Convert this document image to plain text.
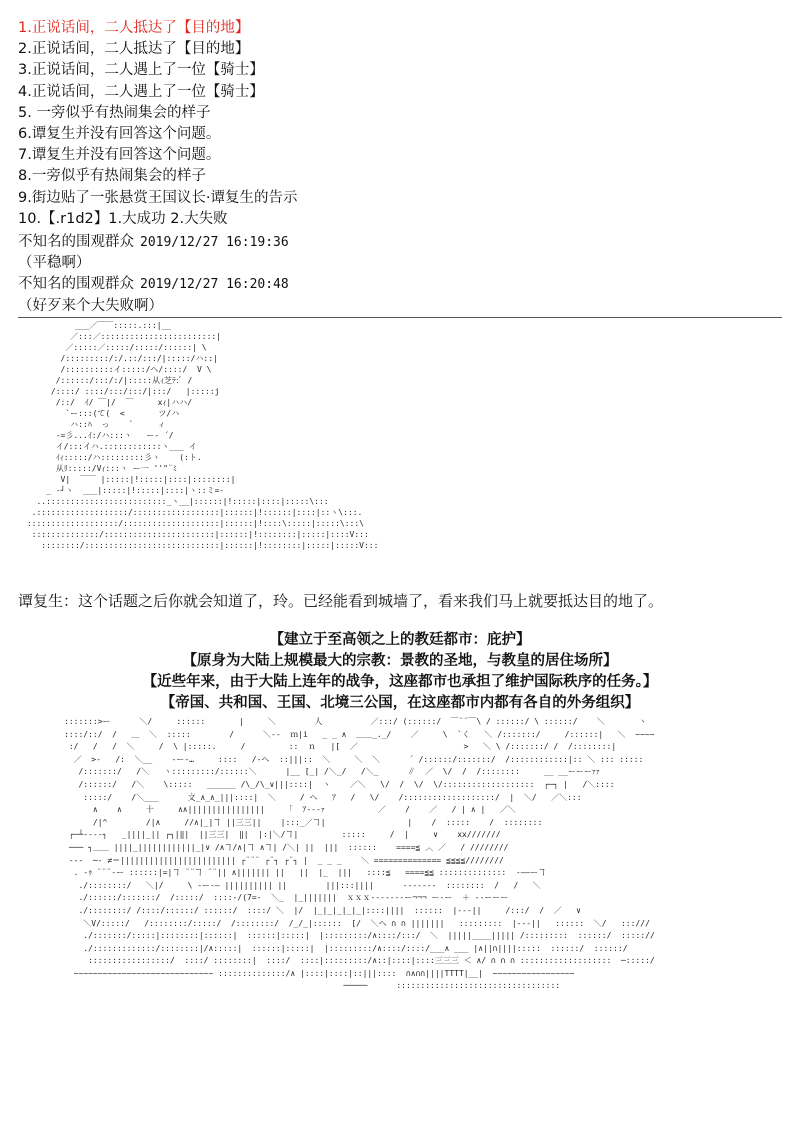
1.正说话间，二人抵达了【目的地】
2.正说话间，二人抵达了【目的地】
3.正说话间，二人遇上了一位【骑士】
4.正说话间，二人遇上了一位【骑士】
5. 一旁似乎有热闹集会的样子
6.谭复生并没有回答这个问题。
7.谭复生并没有回答这个问题。
8.一旁似乎有热闹集会的样子
9.街边贴了一张悬赏王国议长·谭复生的告示
10.【.r1d2】1.大成功 2.大失败
不知名的围观群众 2019/12/27 16:19:36
（平稳啊）
不知名的围观群众 2019/12/27 16:20:48
（好歹来个大失败啊）
___／￣￣:::::.:::|__
／:::／::::::::::::::::::::::::|
／:::::／:::::/:::::/::::::| \
/:::::::::/:/.::/:::/|:::::/ハ::|
/::::::::::イ:::::/ヘ/::::/  V \
/::::::/:::/:/|:::::从ｨ芝ﾃ:ﾞ /
/::::/ ::::/:::/:::/|:::/   |:::::j
/::/  ｲ/ ￣|/  ￣     xｨ|ハハ/
`ー:::(て(  <       ツ/ハ
ハ::ﾊ  っ    `     ィ
‐=彡...ｲ:/ハ:::ヽ   ー‐ ´/
イ/:::イハ.::::::::::::ヽ___ イ
ｲｨ:::::/ハ:::::::::彡ヽ    (:ト.
从ﾘ:::::/Vｨ:::ヽ ー一 ''"¨ﾐ
V|  ￣￣ |:::::|!:::::|::::|::::::::|
_ -┘ヽ  ___|:::::|!:::::|::::|ヽ::ミ=-
..:::::::::::::::::::::::::_ヽ__|::::::|!:::::|::::|:::::\:::
.:::::::::::::::::::/::::::::::::::::::|::::::|!::::::|::::|::ヽ\:::.
:::::::::::::::::::/::::::::::::::::::::|::::::|!::::\:::::|:::::\:::\
::::::::::::::/:::::::::::::::::::::::|::::::|!::::::::|:::::|::::V:::
::::::::/::::::::::::::::::::::::::::|::::::|!::::::::|:::::|:::::V:::
谭复生：这个话题之后你就会知道了，玲。已经能看到城墙了，看来我们马上就要抵达目的地了。
【建立于至高领之上的教廷都市：庇护】
【原身为大陆上规模最大的宗教：景教的圣地，与教皇的居住场所】
【近些年来，由于大陆上连年的战争，这座都市也承担了维护国际秩序的任务。】
【帝国、共和国、王国、北境三公国，在这座都市内都有各自的外务组织】
:::::::>ー      ＼/     ::::::       |     ＼        人          ／:::/ (::::::/  ￣¨¨￣\ / ::::::/ \ ::::::/    ＼       ヽ
::::/::/  /   ＿  ＼  :::::        /      ＼‐‐  ｍ|i   _ _ ∧  ＿＿_._/    ／     \  `く   ＼ /:::::::/     /::::::|   ＼  ~~~~
:/   /   /  ＼     /  \ |:::::.     /         ::  ｎ   |[  ／                      >   ＼ \ /:::::::/ /  /::::::::|
／  >‐   /:  ＼__    ‐ー‐…     ::::   /‐ヘ  ::|||::  ＼     ＼  ＼      ´ /::::::/:::::::/  /::::::::::::|:: ＼ ::: :::::
/:::::::/   /＼   ヽ:::::::::/::::::＼      |__ [_| /＼_/   /＼_      ∥  ／  \/  /  /::::::::     __ __ーーーｧｧ
/::::::/   /＼    \:::::   ______ /\_/\_∨|||::::|  ヽ    ／＼   \/  /  \/  \/:::::::::::::::::::  ┌─┐ |   /＼::::
:::::/    /＼___      文_∧_∧_|||::::|  ＼     / ヘ   ｱ   /   \/    /:::::::::::::::::::/  |  ＼/   ／＼:::
∧    ∧     十     ∧∧||||||||||||||||     ｢  ｱ‐‐‐ｧ           ／    /    ／   / | ∧ |   ／＼
/|^        /|∧     //∧|_|ヿ ||三三||    |:::_／ヿ|                 |    /  :::::    /  ::::::::
┌─┴‐‐‐‐┐   _||||_|| ┌┐|‖|  ||三三|  ‖|  |:|＼/ヿ|         :::::     /  |     ∨    xx///////
─── ┐＿＿ ||||_||||||||||||_|∨ /∧ヿ/∧|ヿ ∧ヿ| /＼| ||  |||  ::::::    ====≦ ︿ ／   / ////////
‐‐‐  ─‐ ≠＝|||||||||||||||||||||||| ┌¨¨¨ ┌¨┐ ┌¨┐ |  _ _ _    ＼ ============== ≦≦≦≦////////
. -ｩ ¨¨¨‐ー ::::::|=|ヿ ¨¨ヿ ¨¨|| ∧||||||| ||   ||  |_  |||   ::::≦   ====≦≦ ::::::::::::::  -――ーヿ
./::::::::/   ＼|/     \ ‐ー‐― |||||||||| ||        |||:::||||      ‐‐‐‐‐‐‐  ::::::::  /   /   ＼
./::::::/:::::::/  /:::::/  ::::‐/(7=-  ＼_  |_|||||||  ｘｘｘ‐‐‐‐‐‐‐ー¬¬¬ ー‐ー  ＋ ‐‐ーーー
./::::::::/ /::::/::::::/ ::::::/  ::::/ ＼  |/  |_|_|_|_|_|::::||||  ::::::  |‐‐‐||     /:::/  /  ／   ∨
＼V/:::::/   /::::::::/:::::/  /::::::::/  /_/_|::::::  [/  ＼ヘ ∩ ∩ |||||||   :::::::::  |‐‐‐||   ::::::  ＼/   :::///
./:::::::/:::::|::::::::|::::::|  ::::::|:::::|  |:::::::::/∧::::/:::/  ＼  |||||____||||| /:::::::::  ::::::/  ::::://
./:::::::::::::/::::::::|/∧:::::|  ::::::|:::::|  |:::::::::/∧::::/::::/___∧ ___ |∧||∩||||:::::  ::::::/  ::::::/
:::::::::::::::::/  ::::/ ::::::::|  ::::/  ::::|:::::::::/∧::|::::|::::三三三 ＜ ∧/ ∩ ∩ ∩ :::::::::::::::::::  ─:::::/
~~~~~~~~~~~~~~~~~~~~~~~~~~~~~ ::::::::::::::/∧ |::::|::::|::|||::::  ∩∧∩∩||||TTTT|__|  ~~~~~~~~~~~~~~~~~
─────      ::::::::::::::::::::::::::::::::::
